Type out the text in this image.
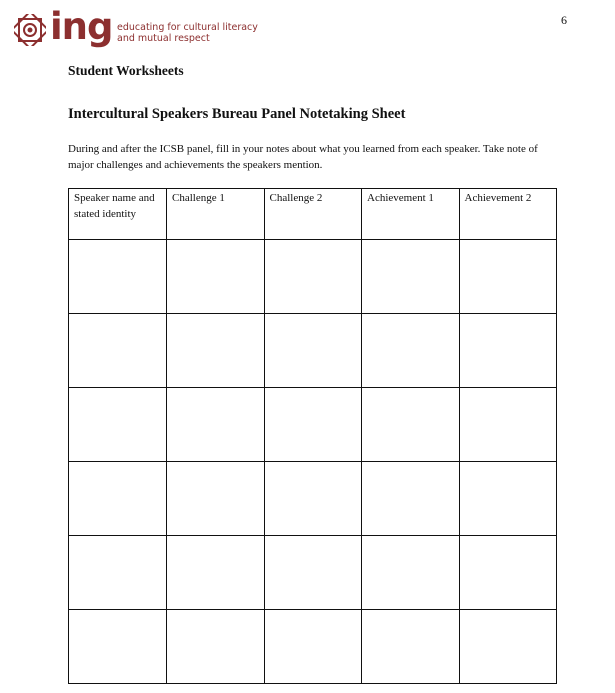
ing educating for cultural literacy
and mutual respect
6
Student Worksheets
Intercultural Speakers Bureau Panel Notetaking Sheet

During and after the ICSB panel, fill in your notes about what you learned from each speaker. Take note of major challenges and achievements the speakers mention.

Speaker name and stated identity	Challenge 1	Challenge 2	Achievement 1	Achievement 2
